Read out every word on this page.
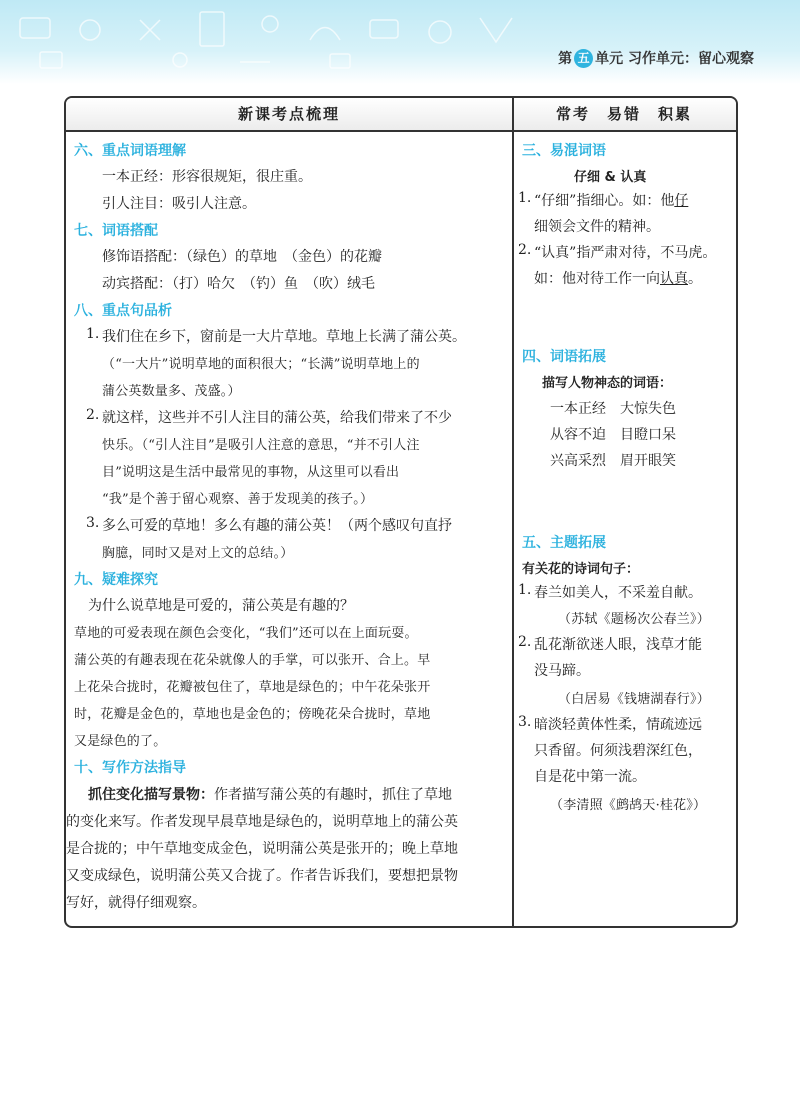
第 五 单元 习作单元：留心观察
新课考点梳理	常考　易错　积累
六、重点词语理解
一本正经：形容很规矩，很庄重。
引人注目：吸引人注意。
七、词语搭配
修饰语搭配：（绿色）的草地　（金色）的花瓣
动宾搭配：（打）哈欠　（钓）鱼　（吹）绒毛
八、重点句品析
1. 我们住在乡下，窗前是一大片草地。草地上长满了蒲公英。
（“一大片”说明草地的面积很大；“长满”说明草地上的
蒲公英数量多、茂盛。）
2. 就这样，这些并不引人注目的蒲公英，给我们带来了不少
快乐。（“引人注目”是吸引人注意的意思，“并不引人注
目”说明这是生活中最常见的事物，从这里可以看出
“我”是个善于留心观察、善于发现美的孩子。）
3. 多么可爱的草地！多么有趣的蒲公英！（两个感叹句直抒
胸臆，同时又是对上文的总结。）
九、疑难探究
为什么说草地是可爱的，蒲公英是有趣的？
草地的可爱表现在颜色会变化，“我们”还可以在上面玩耍。
蒲公英的有趣表现在花朵就像人的手掌，可以张开、合上。早
上花朵合拢时，花瓣被包住了，草地是绿色的；中午花朵张开
时，花瓣是金色的，草地也是金色的；傍晚花朵合拢时，草地
又是绿色的了。
十、写作方法指导
抓住变化描写景物：作者描写蒲公英的有趣时，抓住了草地
的变化来写。作者发现早晨草地是绿色的，说明草地上的蒲公英
是合拢的；中午草地变成金色，说明蒲公英是张开的；晚上草地
又变成绿色，说明蒲公英又合拢了。作者告诉我们，要想把景物
写好，就得仔细观察。
三、易混词语
仔细 & 认真
1. “仔细”指细心。如：他仔
细领会文件的精神。
2. “认真”指严肃对待，不马虎。
如：他对待工作一向认真。
四、词语拓展
描写人物神态的词语：
一本正经　大惊失色
从容不迫　目瞪口呆
兴高采烈　眉开眼笑
五、主题拓展
有关花的诗词句子：
1. 春兰如美人，不采羞自献。
（苏轼《题杨次公春兰》）
2. 乱花渐欲迷人眼，浅草才能
没马蹄。
（白居易《钱塘湖春行》）
3. 暗淡轻黄体性柔，情疏迹远
只香留。何须浅碧深红色，
自是花中第一流。
（李清照《鹧鸪天·桂花》）
